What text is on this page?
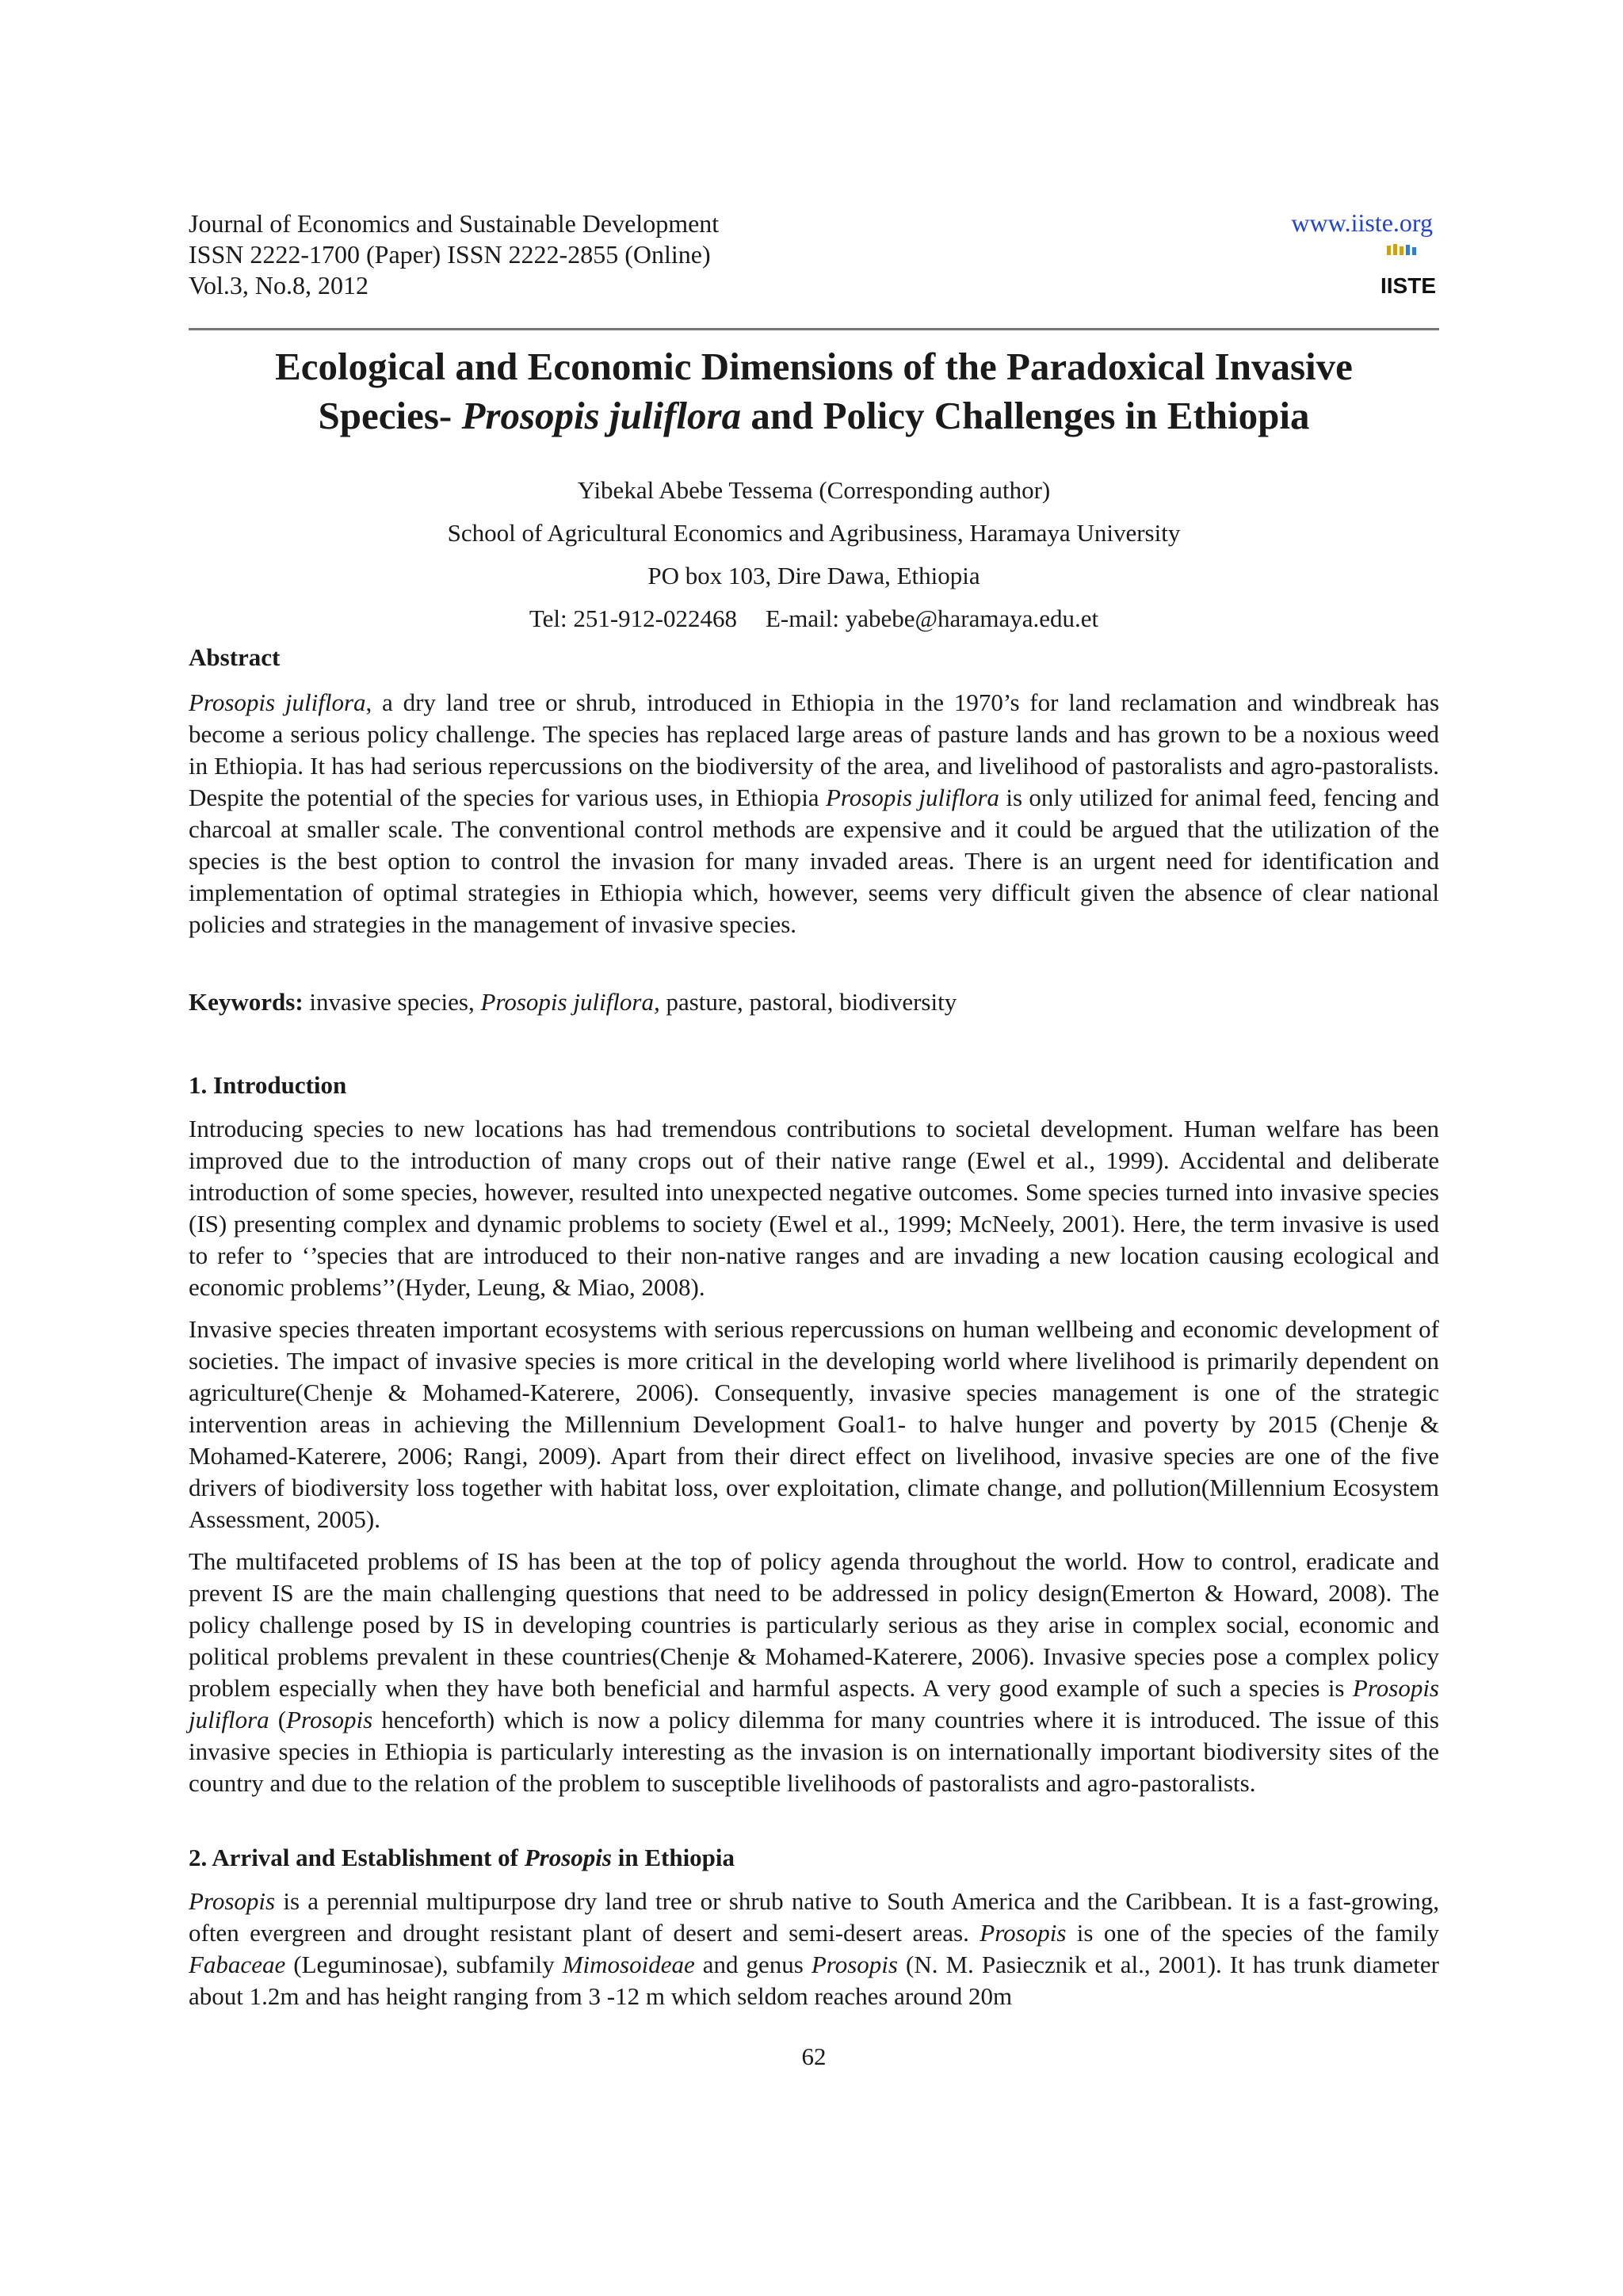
Journal of Economics and Sustainable Development
ISSN 2222-1700 (Paper) ISSN 2222-2855 (Online)
Vol.3, No.8, 2012
www.iiste.org
IISTE
Ecological and Economic Dimensions of the Paradoxical Invasive
Species- Prosopis juliflora and Policy Challenges in Ethiopia
Yibekal Abebe Tessema (Corresponding author)
School of Agricultural Economics and Agribusiness, Haramaya University
PO box 103, Dire Dawa, Ethiopia
Tel: 251-912-022468 E-mail: yabebe@haramaya.edu.et
Abstract
Prosopis juliflora, a dry land tree or shrub, introduced in Ethiopia in the 1970’s for land reclamation and windbreak has become a serious policy challenge. The species has replaced large areas of pasture lands and has grown to be a noxious weed in Ethiopia. It has had serious repercussions on the biodiversity of the area, and livelihood of pastoralists and agro-pastoralists. Despite the potential of the species for various uses, in Ethiopia Prosopis juliflora is only utilized for animal feed, fencing and charcoal at smaller scale. The conventional control methods are expensive and it could be argued that the utilization of the species is the best option to control the invasion for many invaded areas. There is an urgent need for identification and implementation of optimal strategies in Ethiopia which, however, seems very difficult given the absence of clear national policies and strategies in the management of invasive species.
Keywords: invasive species, Prosopis juliflora, pasture, pastoral, biodiversity
1. Introduction
Introducing species to new locations has had tremendous contributions to societal development. Human welfare has been improved due to the introduction of many crops out of their native range (Ewel et al., 1999). Accidental and deliberate introduction of some species, however, resulted into unexpected negative outcomes. Some species turned into invasive species (IS) presenting complex and dynamic problems to society (Ewel et al., 1999; McNeely, 2001). Here, the term invasive is used to refer to ‘’species that are introduced to their non-native ranges and are invading a new location causing ecological and economic problems’’(Hyder, Leung, & Miao, 2008).
Invasive species threaten important ecosystems with serious repercussions on human wellbeing and economic development of societies. The impact of invasive species is more critical in the developing world where livelihood is primarily dependent on agriculture(Chenje & Mohamed-Katerere, 2006). Consequently, invasive species management is one of the strategic intervention areas in achieving the Millennium Development Goal1- to halve hunger and poverty by 2015 (Chenje & Mohamed-Katerere, 2006; Rangi, 2009). Apart from their direct effect on livelihood, invasive species are one of the five drivers of biodiversity loss together with habitat loss, over exploitation, climate change, and pollution(Millennium Ecosystem Assessment, 2005).
The multifaceted problems of IS has been at the top of policy agenda throughout the world. How to control, eradicate and prevent IS are the main challenging questions that need to be addressed in policy design(Emerton & Howard, 2008). The policy challenge posed by IS in developing countries is particularly serious as they arise in complex social, economic and political problems prevalent in these countries(Chenje & Mohamed-Katerere, 2006). Invasive species pose a complex policy problem especially when they have both beneficial and harmful aspects. A very good example of such a species is Prosopis juliflora (Prosopis henceforth) which is now a policy dilemma for many countries where it is introduced. The issue of this invasive species in Ethiopia is particularly interesting as the invasion is on internationally important biodiversity sites of the country and due to the relation of the problem to susceptible livelihoods of pastoralists and agro-pastoralists.
2. Arrival and Establishment of Prosopis in Ethiopia
Prosopis is a perennial multipurpose dry land tree or shrub native to South America and the Caribbean. It is a fast-growing, often evergreen and drought resistant plant of desert and semi-desert areas. Prosopis is one of the species of the family Fabaceae (Leguminosae), subfamily Mimosoideae and genus Prosopis (N. M. Pasiecznik et al., 2001). It has trunk diameter about 1.2m and has height ranging from 3 -12 m which seldom reaches around 20m
62
